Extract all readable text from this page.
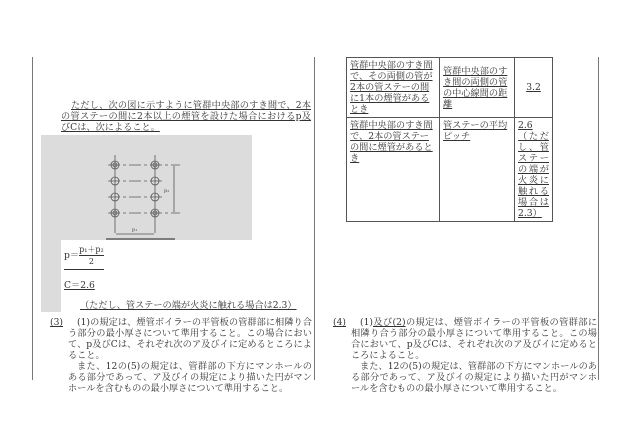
ただし、次の図に示すように管群中央部のすき間で、2本の管ステーの間に2本以上の煙管を設けた場合におけるp及びCは、次によること。
p₂
p₁
$p= \frac{\text{p₁＋p₂}}{2}$
C＝2.6
（ただし、管ステーの端が火炎に触れる場合は2.3）
(3)	(1)の規定は、煙管ボイラーの平管板の管群部に相隣り合う部分の最小厚さについて準用すること。この場合において、p及びCは、それぞれ次のア及びイに定めるところによること。
また、12の(5)の規定は、管群部の下方にマンホールのある部分であって、ア及びイの規定により描いた円がマンホールを含むものの最小厚さについて準用すること。
管群中央部のすき間で、その両側の管が2本の管ステーの間に1本の煙管があるとき	管群中央部のすき間の両側の管の中心線間の距離	3.2
管群中央部のすき間で、2本の管ステーの間に煙管があるとき	管ステーの平均ピッチ	2.6（ただし、管ステーの端が火炎に触れる場合は2.3）
(4)	(1)及び(2)の規定は、煙管ボイラーの平管板の管群部に相隣り合う部分の最小厚さについて準用すること。この場合において、p及びCは、それぞれ次のア及びイに定めるところによること。
また、12の(5)の規定は、管群部の下方にマンホールのある部分であって、ア及びイの規定により描いた円がマンホールを含むものの最小厚さについて準用すること。
